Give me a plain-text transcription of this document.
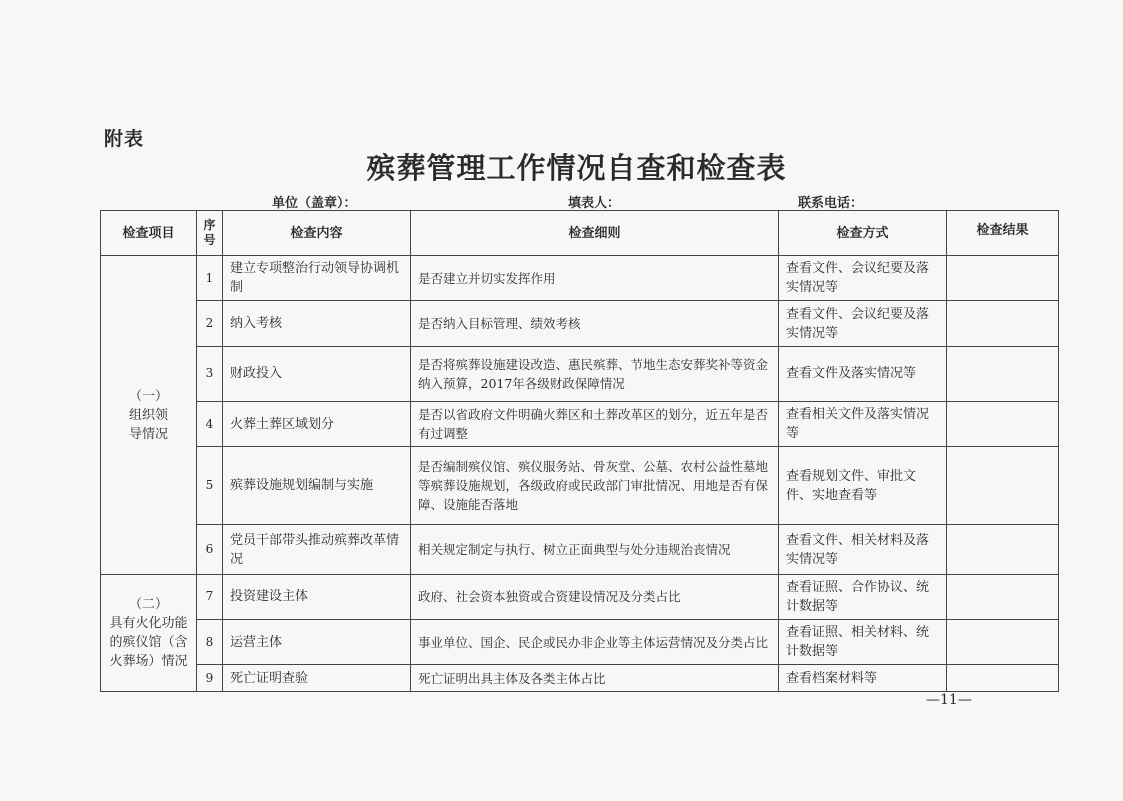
附表
殡葬管理工作情况自查和检查表
单位（盖章）：	填表人：	联系电话：
检查项目	序号	检查内容	检查细则	检查方式	检查结果

（一）
组织领导情况	1	建立专项整治行动领导协调机制	是否建立并切实发挥作用	查看文件、会议纪要及落实情况等	
	2	纳入考核	是否纳入目标管理、绩效考核	查看文件、会议纪要及落实情况等	
	3	财政投入	是否将殡葬设施建设改造、惠民殡葬、节地生态安葬奖补等资金纳入预算，2017年各级财政保障情况	查看文件及落实情况等	
	4	火葬土葬区域划分	是否以省政府文件明确火葬区和土葬改革区的划分，近五年是否有过调整	查看相关文件及落实情况等	
	5	殡葬设施规划编制与实施	是否编制殡仪馆、殡仪服务站、骨灰堂、公墓、农村公益性墓地等殡葬设施规划，各级政府或民政部门审批情况、用地是否有保障、设施能否落地	查看规划文件、审批文件、实地查看等	
	6	党员干部带头推动殡葬改革情况	相关规定制定与执行、树立正面典型与处分违规治丧情况	查看文件、相关材料及落实情况等	

（二）
具有火化功能的殡仪馆（含火葬场）情况	7	投资建设主体	政府、社会资本独资或合资建设情况及分类占比	查看证照、合作协议、统计数据等	
	8	运营主体	事业单位、国企、民企或民办非企业等主体运营情况及分类占比	查看证照、相关材料、统计数据等	
	9	死亡证明查验	死亡证明出具主体及各类主体占比	查看档案材料等	
—11—
